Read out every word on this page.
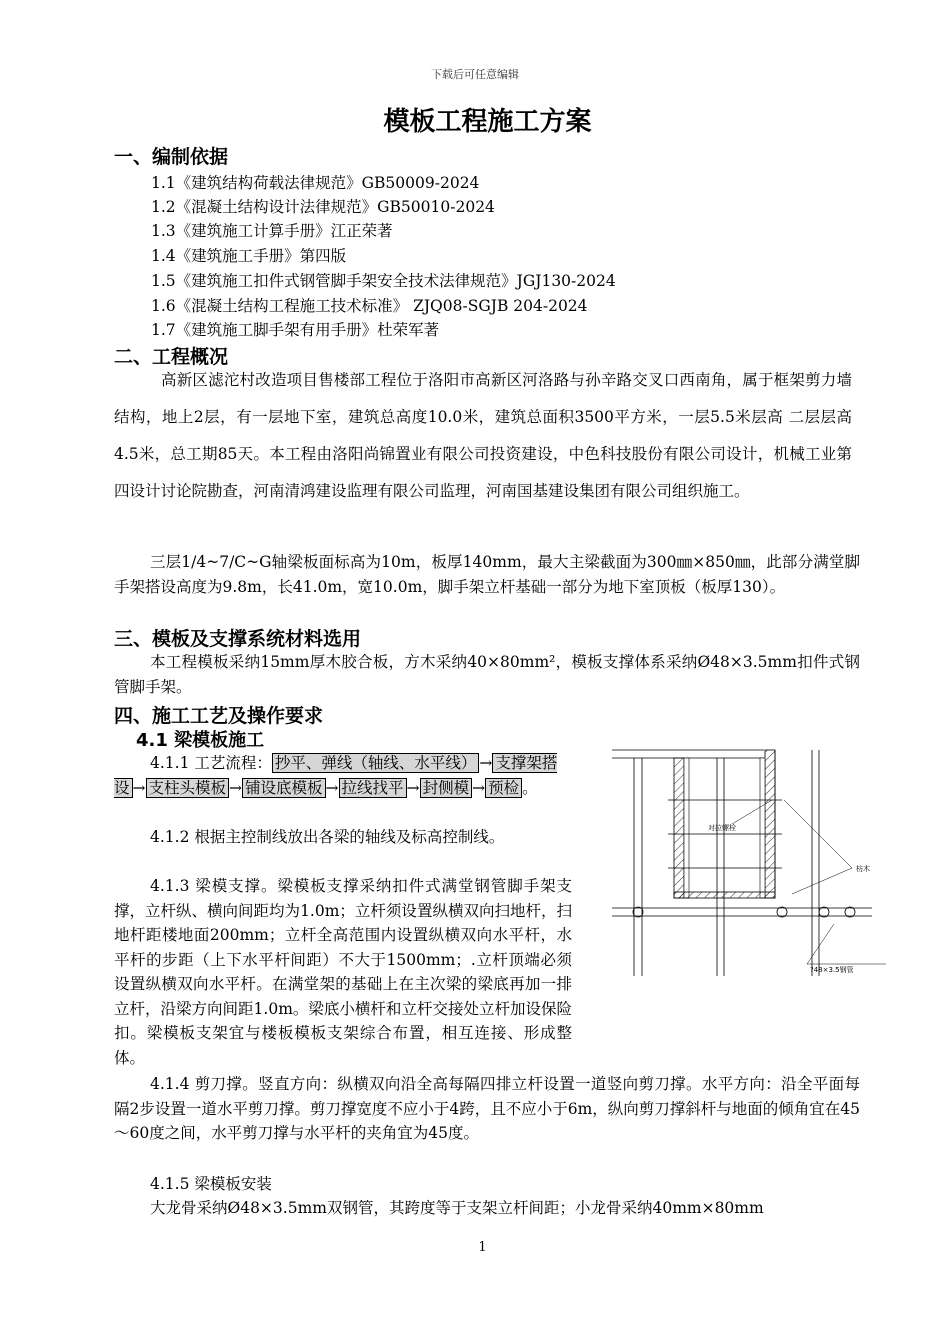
下载后可任意编辑
模板工程施工方案
一、编制依据
1.1《建筑结构荷载法律规范》GB50009-2024
1.2《混凝土结构设计法律规范》GB50010-2024
1.3《建筑施工计算手册》江正荣著
1.4《建筑施工手册》第四版
1.5《建筑施工扣件式钢管脚手架安全技术法律规范》JGJ130-2024
1.6《混凝土结构工程施工技术标准》 ZJQ08-SGJB 204-2024
1.7《建筑施工脚手架有用手册》杜荣军著
二、工程概况

高新区滤沱村改造项目售楼部工程位于洛阳市高新区河洛路与孙辛路交叉口西南角，属于框架剪力墙结构，地上2层，有一层地下室，建筑总高度10.0米，建筑总面积3500平方米，一层5.5米层高 二层层高4.5米，总工期85天。本工程由洛阳尚锦置业有限公司投资建设，中色科技股份有限公司设计，机械工业第四设计讨论院勘查，河南清鸿建设监理有限公司监理，河南国基建设集团有限公司组织施工。

三层1/4~7/C~G轴梁板面标高为10m，板厚140mm，最大主梁截面为300㎜×850㎜，此部分满堂脚手架搭设高度为9.8m，长41.0m，宽10.0m，脚手架立杆基础一部分为地下室顶板（板厚130）。

三、模板及支撑系统材料选用

本工程模板采纳15mm厚木胶合板，方木采纳40×80mm²，模板支撑体系采纳Ø48×3.5mm扣件式钢管脚手架。

四、施工工艺及操作要求
4.1 梁模板施工

4.1.1 工艺流程： 抄平、弹线（轴线、水平线） → 支撑架搭设 → 支柱头模板 → 铺设底模板 → 拉线找平 → 封侧模 → 预检 。

4.1.2 根据主控制线放出各梁的轴线及标高控制线。

4.1.3 梁模支撑。梁模板支撑采纳扣件式满堂钢管脚手架支撑，立杆纵、横向间距均为1.0m；立杆须设置纵横双向扫地杆，扫地杆距楼地面200mm；立杆全高范围内设置纵横双向水平杆，水平杆的步距（上下水平杆间距）不大于1500mm；.立杆顶端必须设置纵横双向水平杆。在满堂架的基础上在主次梁的梁底再加一排立杆，沿梁方向间距1.0m。梁底小横杆和立杆交接处立杆加设保险扣。梁模板支架宜与楼板模板支架综合布置，相互连接、形成整体。

4.1.4 剪刀撑。竖直方向：纵横双向沿全高每隔四排立杆设置一道竖向剪刀撑。水平方向：沿全平面每隔2步设置一道水平剪刀撑。剪刀撑宽度不应小于4跨，且不应小于6m，纵向剪刀撑斜杆与地面的倾角宜在45～60度之间，水平剪刀撑与水平杆的夹角宜为45度。

4.1.5 梁模板安装

大龙骨采纳Ø48×3.5mm双钢管，其跨度等于支架立杆间距；小龙骨采纳40mm×80mm

对拉螺栓
枋木
?48×3.5钢管
1
